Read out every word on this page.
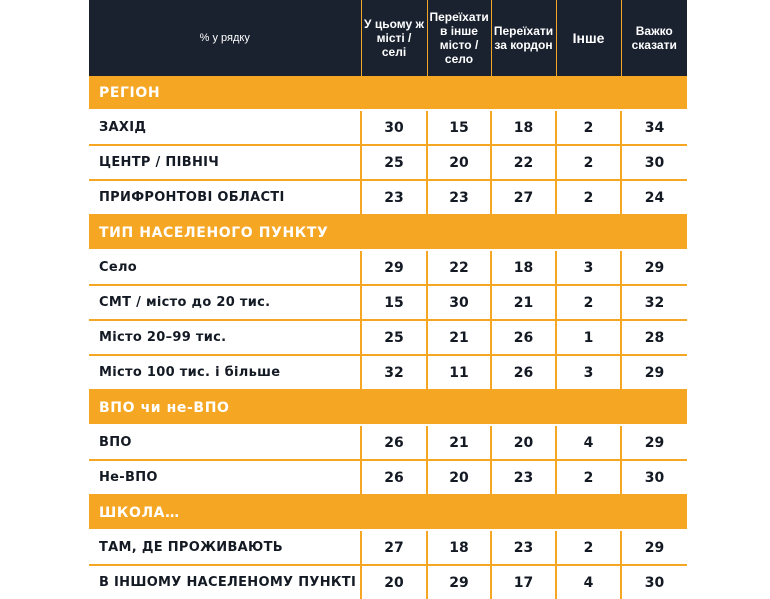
% у рядку	У цьому ж місті / селі	Переїхати в інше місто / село	Переїхати за кордон	Інше	Важко сказати
РЕГІОН					
ЗАХІД	30	15	18	2	34
ЦЕНТР / ПІВНІЧ	25	20	22	2	30
ПРИФРОНТОВІ ОБЛАСТІ	23	23	27	2	24
ТИП НАСЕЛЕНОГО ПУНКТУ					
Село	29	22	18	3	29
СМТ / місто до 20 тис.	15	30	21	2	32
Місто 20–99 тис.	25	21	26	1	28
Місто 100 тис. і більше	32	11	26	3	29
ВПО чи не-ВПО					
ВПО	26	21	20	4	29
Не-ВПО	26	20	23	2	30
ШКОЛА…					
ТАМ, ДЕ ПРОЖИВАЮТЬ	27	18	23	2	29
В ІНШОМУ НАСЕЛЕНОМУ ПУНКТІ	20	29	17	4	30
